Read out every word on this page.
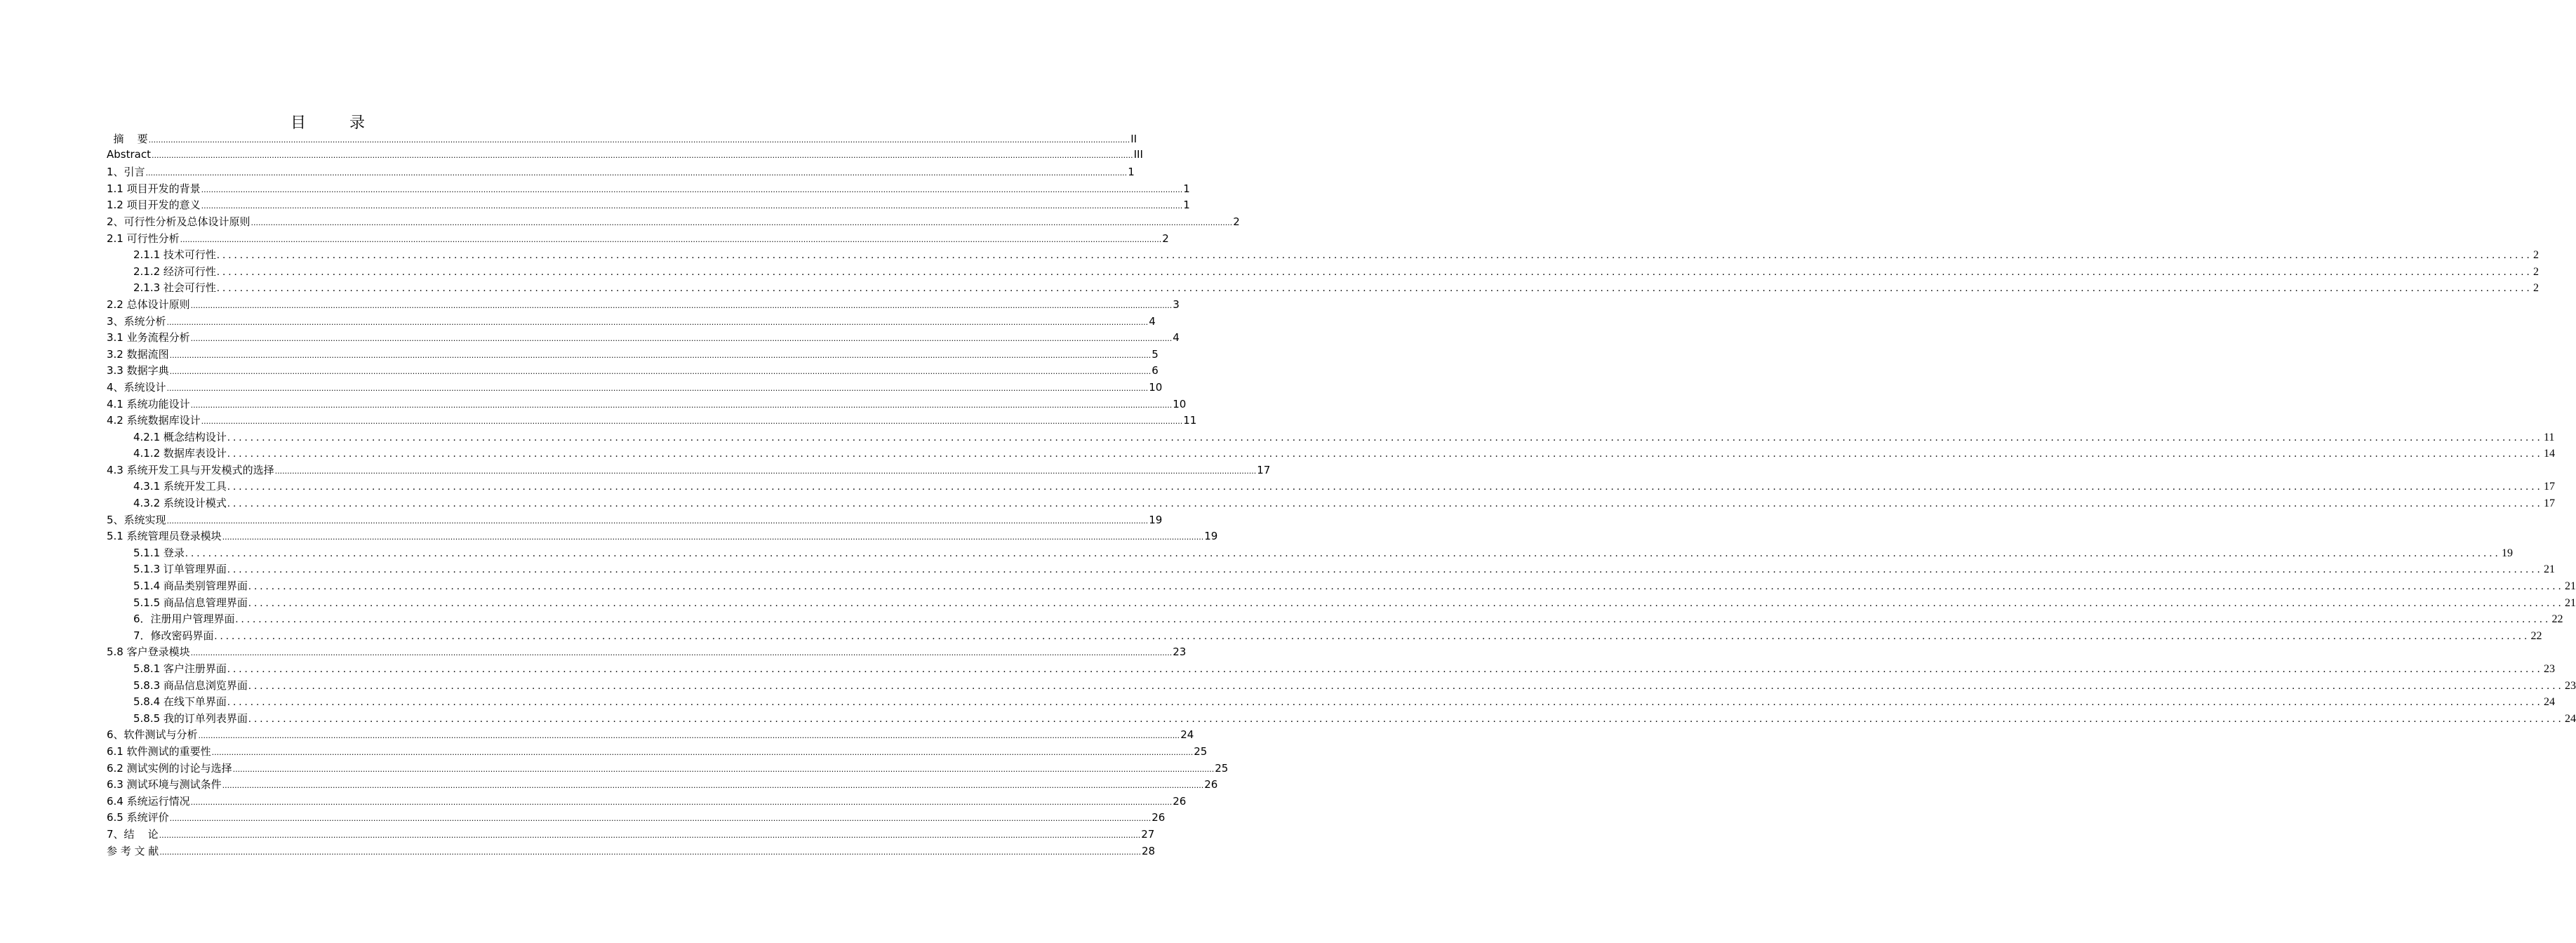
目  录
摘    要 ................................................................................................................................................................................................................................................................................................................................................................................................................ II
Abstract ................................................................................................................................................................................................................................................................................................................................................................................................................ III
1、引言 ................................................................................................................................................................................................................................................................................................................................................................................................................ 1
1.1 项目开发的背景 ................................................................................................................................................................................................................................................................................................................................................................................................................ 1
1.2 项目开发的意义 ................................................................................................................................................................................................................................................................................................................................................................................................................ 1
2、可行性分析及总体设计原则 ................................................................................................................................................................................................................................................................................................................................................................................................................ 2
2.1 可行性分析 ................................................................................................................................................................................................................................................................................................................................................................................................................ 2
2.1.1 技术可行性 ................................................................................................................................................................................................................................................................................................................................................................................................................ 2
2.1.2 经济可行性 ................................................................................................................................................................................................................................................................................................................................................................................................................ 2
2.1.3 社会可行性 ................................................................................................................................................................................................................................................................................................................................................................................................................ 2
2.2 总体设计原则 ................................................................................................................................................................................................................................................................................................................................................................................................................ 3
3、系统分析 ................................................................................................................................................................................................................................................................................................................................................................................................................ 4
3.1 业务流程分析 ................................................................................................................................................................................................................................................................................................................................................................................................................ 4
3.2 数据流图 ................................................................................................................................................................................................................................................................................................................................................................................................................ 5
3.3 数据字典 ................................................................................................................................................................................................................................................................................................................................................................................................................ 6
4、系统设计 ................................................................................................................................................................................................................................................................................................................................................................................................................ 10
4.1 系统功能设计 ................................................................................................................................................................................................................................................................................................................................................................................................................ 10
4.2 系统数据库设计 ................................................................................................................................................................................................................................................................................................................................................................................................................ 11
4.2.1 概念结构设计 ................................................................................................................................................................................................................................................................................................................................................................................................................ 11
4.1.2 数据库表设计 ................................................................................................................................................................................................................................................................................................................................................................................................................ 14
4.3 系统开发工具与开发模式的选择 ................................................................................................................................................................................................................................................................................................................................................................................................................ 17
4.3.1 系统开发工具 ................................................................................................................................................................................................................................................................................................................................................................................................................ 17
4.3.2 系统设计模式 ................................................................................................................................................................................................................................................................................................................................................................................................................ 17
5、系统实现 ................................................................................................................................................................................................................................................................................................................................................................................................................ 19
5.1 系统管理员登录模块 ................................................................................................................................................................................................................................................................................................................................................................................................................ 19
5.1.1 登录 ................................................................................................................................................................................................................................................................................................................................................................................................................ 19
5.1.3 订单管理界面 ................................................................................................................................................................................................................................................................................................................................................................................................................ 21
5.1.4 商品类别管理界面 ................................................................................................................................................................................................................................................................................................................................................................................................................ 21
5.1.5 商品信息管理界面 ................................................................................................................................................................................................................................................................................................................................................................................................................ 21
6．注册用户管理界面 ................................................................................................................................................................................................................................................................................................................................................................................................................ 22
7．修改密码界面 ................................................................................................................................................................................................................................................................................................................................................................................................................ 22
5.8 客户登录模块 ................................................................................................................................................................................................................................................................................................................................................................................................................ 23
5.8.1 客户注册界面 ................................................................................................................................................................................................................................................................................................................................................................................................................ 23
5.8.3 商品信息浏览界面 ................................................................................................................................................................................................................................................................................................................................................................................................................ 23
5.8.4 在线下单界面 ................................................................................................................................................................................................................................................................................................................................................................................................................ 24
5.8.5 我的订单列表界面 ................................................................................................................................................................................................................................................................................................................................................................................................................ 24
6、软件测试与分析 ................................................................................................................................................................................................................................................................................................................................................................................................................ 24
6.1 软件测试的重要性 ................................................................................................................................................................................................................................................................................................................................................................................................................ 25
6.2 测试实例的讨论与选择 ................................................................................................................................................................................................................................................................................................................................................................................................................ 25
6.3 测试环境与测试条件 ................................................................................................................................................................................................................................................................................................................................................................................................................ 26
6.4 系统运行情况 ................................................................................................................................................................................................................................................................................................................................................................................................................ 26
6.5 系统评价 ................................................................................................................................................................................................................................................................................................................................................................................................................ 26
7、结    论 ................................................................................................................................................................................................................................................................................................................................................................................................................ 27
参 考 文 献 ................................................................................................................................................................................................................................................................................................................................................................................................................ 28
